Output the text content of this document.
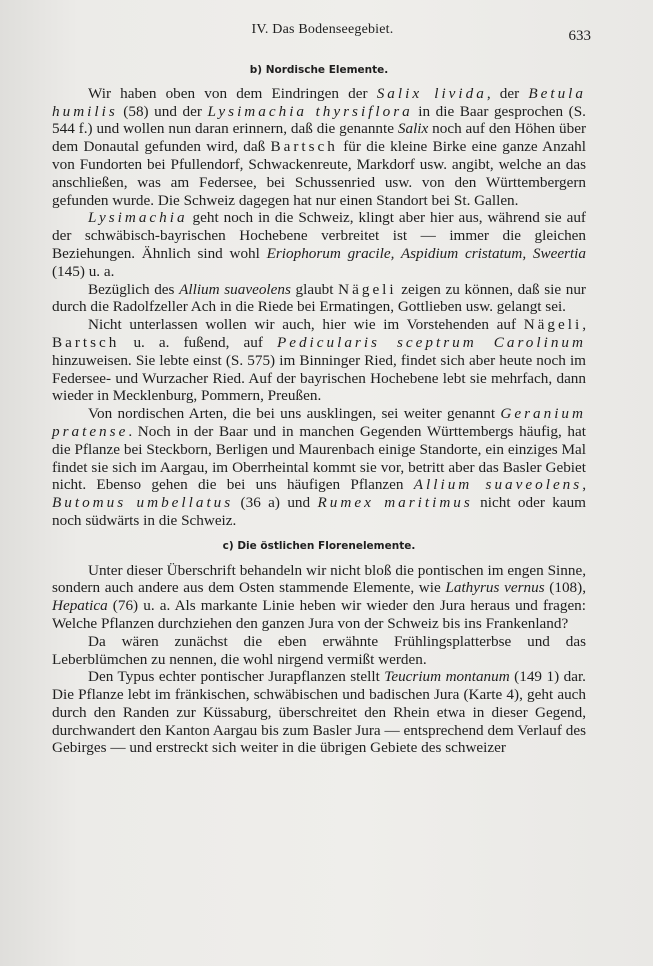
IV. Das Bodenseegebiet.	633
b) Nordische Elemente.

Wir haben oben von dem Eindringen der Salix livida, der Betula humilis (58) und der Lysimachia thyrsiflora in die Baar gesprochen (S. 544 f.) und wollen nun daran erinnern, daß die genannte Salix noch auf den Höhen über dem Donautal gefunden wird, daß Bartsch für die kleine Birke eine ganze Anzahl von Fundorten bei Pfullendorf, Schwackenreute, Markdorf usw. angibt, welche an das anschließen, was am Federsee, bei Schussenried usw. von den Württembergern gefunden wurde. Die Schweiz dagegen hat nur einen Standort bei St. Gallen.

Lysimachia geht noch in die Schweiz, klingt aber hier aus, während sie auf der schwäbisch-bayrischen Hochebene verbreitet ist — immer die gleichen Beziehungen. Ähnlich sind wohl Eriophorum gracile, Aspidium cristatum, Sweertia (145) u. a.

Bezüglich des Allium suaveolens glaubt Nägeli zeigen zu können, daß sie nur durch die Radolfzeller Ach in die Riede bei Ermatingen, Gottlieben usw. gelangt sei.

Nicht unterlassen wollen wir auch, hier wie im Vorstehenden auf Nägeli, Bartsch u. a. fußend, auf Pedicularis sceptrum Carolinum hinzuweisen. Sie lebte einst (S. 575) im Binninger Ried, findet sich aber heute noch im Federsee- und Wurzacher Ried. Auf der bayrischen Hochebene lebt sie mehrfach, dann wieder in Mecklenburg, Pommern, Preußen.

Von nordischen Arten, die bei uns ausklingen, sei weiter genannt Geranium pratense. Noch in der Baar und in manchen Gegenden Württembergs häufig, hat die Pflanze bei Steckborn, Berligen und Maurenbach einige Standorte, ein einziges Mal findet sie sich im Aargau, im Oberrheintal kommt sie vor, betritt aber das Basler Gebiet nicht. Ebenso gehen die bei uns häufigen Pflanzen Allium suaveolens, Butomus umbellatus (36 a) und Rumex maritimus nicht oder kaum noch südwärts in die Schweiz.

c) Die östlichen Florenelemente.

Unter dieser Überschrift behandeln wir nicht bloß die pontischen im engen Sinne, sondern auch andere aus dem Osten stammende Elemente, wie Lathyrus vernus (108), Hepatica (76) u. a. Als markante Linie heben wir wieder den Jura heraus und fragen: Welche Pflanzen durchziehen den ganzen Jura von der Schweiz bis ins Frankenland?

Da wären zunächst die eben erwähnte Frühlingsplatterbse und das Leberblümchen zu nennen, die wohl nirgend vermißt werden.

Den Typus echter pontischer Jurapflanzen stellt Teucrium montanum (149 1) dar. Die Pflanze lebt im fränkischen, schwäbischen und badischen Jura (Karte 4), geht auch durch den Randen zur Küssaburg, überschreitet den Rhein etwa in dieser Gegend, durchwandert den Kanton Aargau bis zum Basler Jura — entsprechend dem Verlauf des Gebirges — und erstreckt sich weiter in die übrigen Gebiete des schweizer
